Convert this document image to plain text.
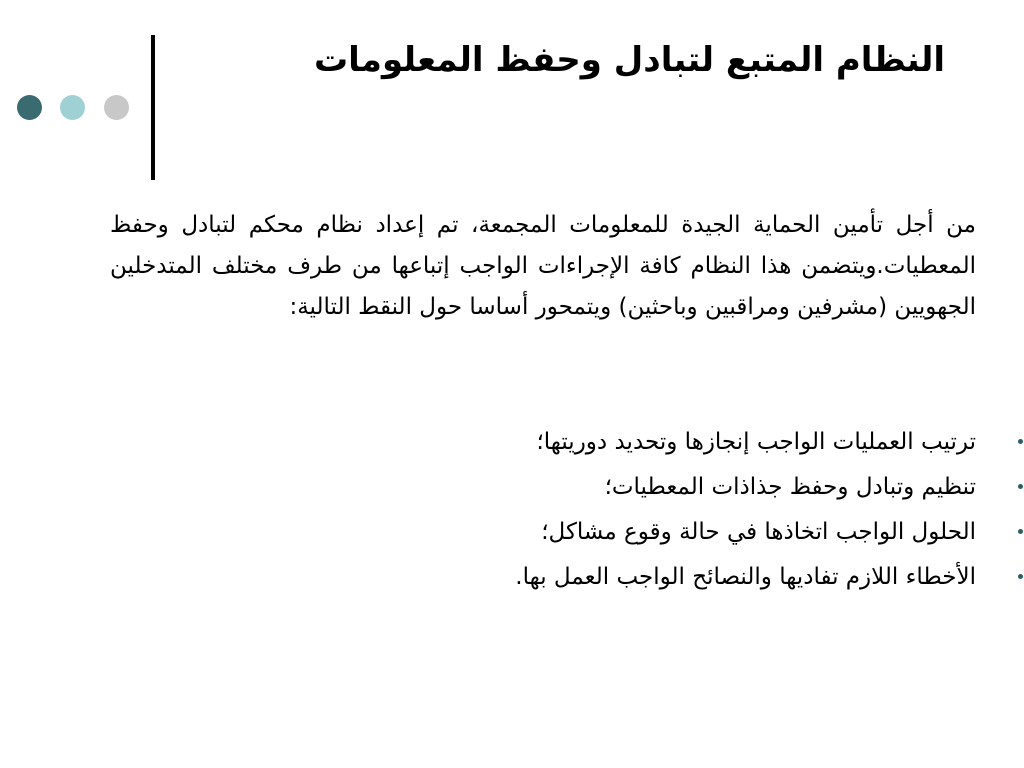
النظام المتبع لتبادل وحفظ المعلومات

من أجل تأمين الحماية الجيدة للمعلومات المجمعة، تم إعداد نظام محكم لتبادل وحفظ المعطيات.ويتضمن هذا النظام كافة الإجراءات الواجب إتباعها من طرف مختلف المتدخلين الجهويين (مشرفين ومراقبين وباحثين) ويتمحور أساسا حول النقط التالية:

ترتيب العمليات الواجب إنجازها وتحديد دوريتها؛
تنظيم وتبادل وحفظ جذاذات المعطيات؛
الحلول الواجب اتخاذها في حالة وقوع مشاكل؛
الأخطاء اللازم تفاديها والنصائح الواجب العمل بها.
